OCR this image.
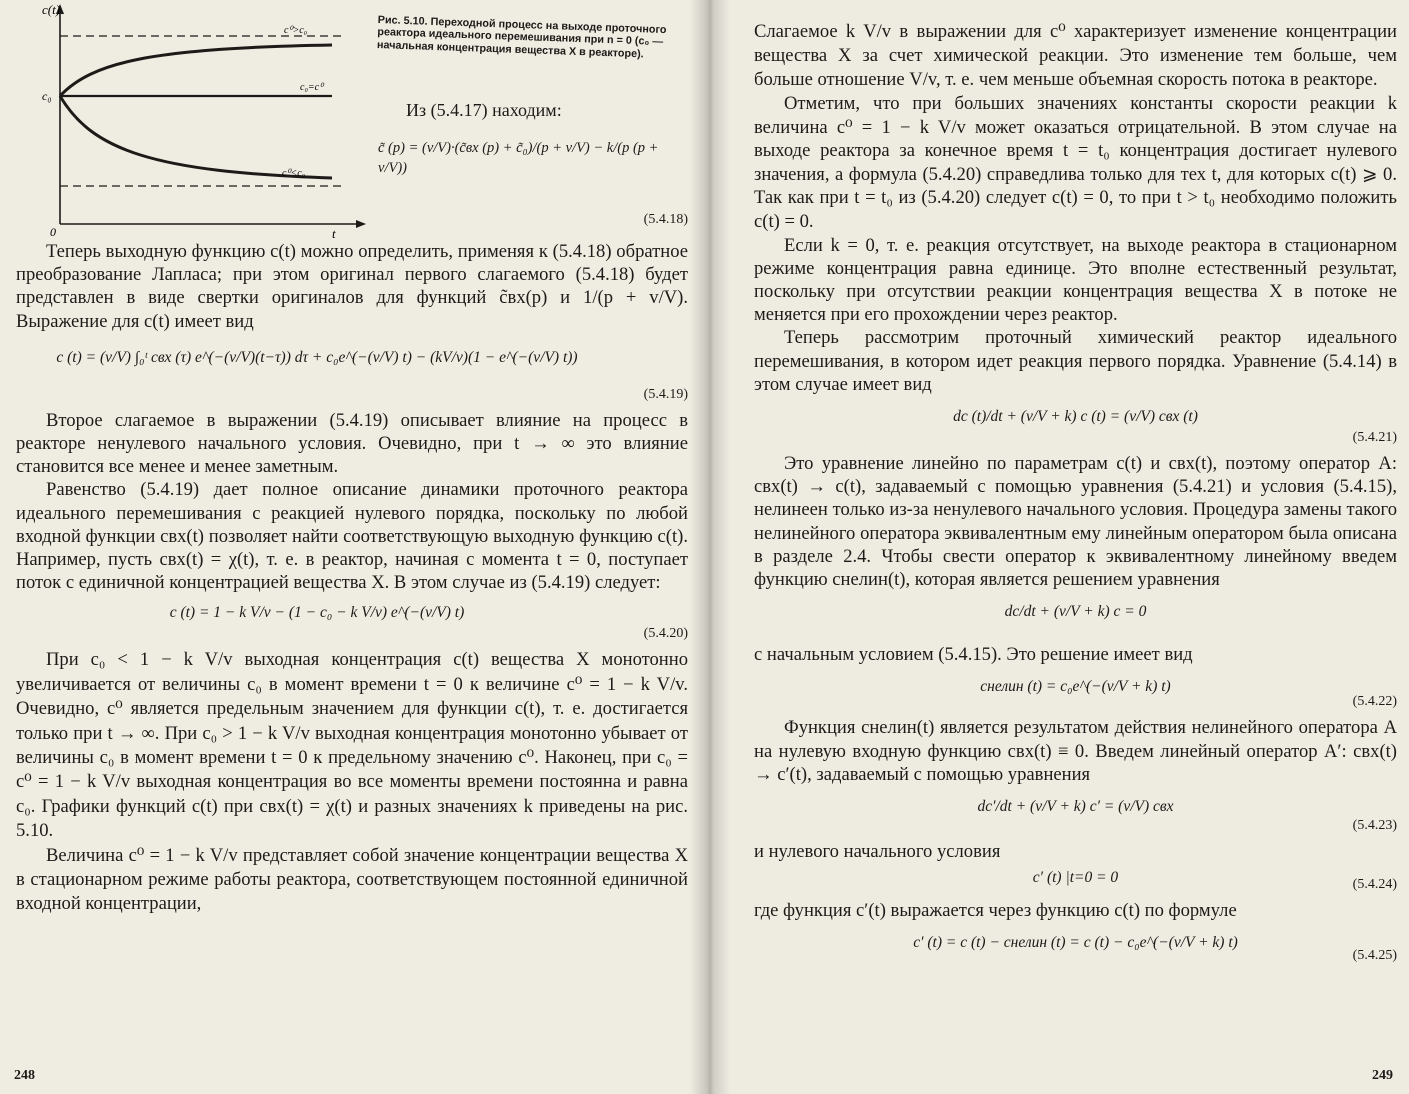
c(t)
c₀
0	t
c⁰>c₀
c₀=c⁰
c⁰<c₀
Рис. 5.10. Переходной процесс на выходе проточного реактора идеального перемешивания при n = 0 (c₀ — начальная концентрация вещества X в реакторе).
Из (5.4.17) находим:
c̃ (p) = (v/V)·(c̃вх (p) + c̃₀)/(p + v/V) − k/(p (p + v/V))
(5.4.18)

Теперь выходную функцию c(t) можно определить, применяя к (5.4.18) обратное преобразование Лапласа; при этом оригинал первого слагаемого (5.4.18) будет представлен в виде свертки оригиналов для функций c̃вх(p) и 1/(p + v/V). Выражение для c(t) имеет вид

c (t) = (v/V) ∫₀ᵗ cвх (τ) e^(−(v/V)(t−τ)) dτ + c₀e^(−(v/V) t) − (kV/v)(1 − e^(−(v/V) t))
(5.4.19)

Второе слагаемое в выражении (5.4.19) описывает влияние на процесс в реакторе ненулевого начального условия. Очевидно, при t → ∞ это влияние становится все менее и менее заметным.

Равенство (5.4.19) дает полное описание динамики проточного реактора идеального перемешивания с реакцией нулевого порядка, поскольку по любой входной функции cвх(t) позволяет найти соответствующую выходную функцию c(t). Например, пусть cвх(t) = χ(t), т. е. в реактор, начиная с момента t = 0, поступает поток с единичной концентрацией вещества X. В этом случае из (5.4.19) следует:

c (t) = 1 − k V/v − (1 − c₀ − k V/v) e^(−(v/V) t)
(5.4.20)

При c₀ < 1 − k V/v выходная концентрация c(t) вещества X монотонно увеличивается от величины c₀ в момент времени t = 0 к величине c⁰ = 1 − k V/v. Очевидно, c⁰ является предельным значением для функции c(t), т. е. достигается только при t → ∞. При c₀ > 1 − k V/v выходная концентрация монотонно убывает от величины c₀ в момент времени t = 0 к предельному значению c⁰. Наконец, при c₀ = c⁰ = 1 − k V/v выходная концентрация во все моменты времени постоянна и равна c₀. Графики функций c(t) при cвх(t) = χ(t) и разных значениях k приведены на рис. 5.10.

Величина c⁰ = 1 − k V/v представляет собой значение концентрации вещества X в стационарном режиме работы реактора, соответствующем постоянной единичной входной концентрации,

248

Слагаемое k V/v в выражении для c⁰ характеризует изменение концентрации вещества X за счет химической реакции. Это изменение тем больше, чем больше отношение V/v, т. е. чем меньше объемная скорость потока в реакторе.

Отметим, что при больших значениях константы скорости реакции k величина c⁰ = 1 − k V/v может оказаться отрицательной. В этом случае на выходе реактора за конечное время t = t₀ концентрация достигает нулевого значения, а формула (5.4.20) справедлива только для тех t, для которых c(t) ⩾ 0. Так как при t = t₀ из (5.4.20) следует c(t) = 0, то при t > t₀ необходимо положить c(t) = 0.

Если k = 0, т. е. реакция отсутствует, на выходе реактора в стационарном режиме концентрация равна единице. Это вполне естественный результат, поскольку при отсутствии реакции концентрация вещества X в потоке не меняется при его прохождении через реактор.

Теперь рассмотрим проточный химический реактор идеального перемешивания, в котором идет реакция первого порядка. Уравнение (5.4.14) в этом случае имеет вид

dc (t)/dt + (v/V + k) c (t) = (v/V) cвх (t)
(5.4.21)

Это уравнение линейно по параметрам c(t) и cвх(t), поэтому оператор A: cвх(t) → c(t), задаваемый с помощью уравнения (5.4.21) и условия (5.4.15), нелинеен только из-за ненулевого начального условия. Процедура замены такого нелинейного оператора эквивалентным ему линейным оператором была описана в разделе 2.4. Чтобы свести оператор к эквивалентному линейному введем функцию cнелин(t), которая является решением уравнения

dc/dt + (v/V + k) c = 0

с начальным условием (5.4.15). Это решение имеет вид

cнелин (t) = c₀e^(−(v/V + k) t)
(5.4.22)

Функция cнелин(t) является результатом действия нелинейного оператора A на нулевую входную функцию cвх(t) ≡ 0. Введем линейный оператор A′: cвх(t) → c′(t), задаваемый с помощью уравнения

dc′/dt + (v/V + k) c′ = (v/V) cвх
(5.4.23)

и нулевого начального условия

c′ (t) |t=0 = 0	(5.4.24)

где функция c′(t) выражается через функцию c(t) по формуле

c′ (t) = c (t) − cнелин (t) = c (t) − c₀e^(−(v/V + k) t)
(5.4.25)
249
